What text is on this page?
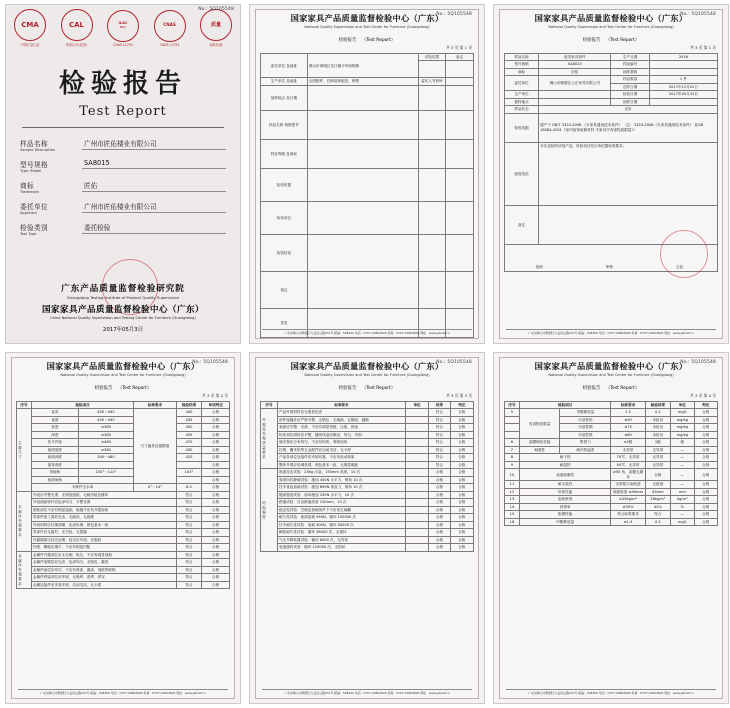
No.: 5Q105548
CMA
中国计量认证
CAL
审查认可(验收)
ILAC
MRA
CNAS L1793
CNAS
CNAS L1793
质量
检验检测
检验报告
Test Report
样品名称
Sample Description
广州市匠佑楼业有限公司
型号规格
Type /Model
SA8015
商标
Trademark
匠佑
委托单位
Applicant
广州市匠佑楼业有限公司
检验类别
Test Type
委托检验
广东产品质量监督检验研究院
Guangdong Testing Institute of Product Quality Supervision
国家家具产品质量监督检验中心（广东）
China National Quality Supervision and Testing Center for Furniture (Guangdong)
2017年05月3日
No.: 5Q105548
国家家具产品质量监督检验中心（广东）
National Quality Supervision and Test Center for Furniture (Guangdong)
检验报告 （Test Report）
共 3 页 第 1 页
委托单位 及地址	佛山市禅城区龙江镇丰华西街路	试验结果	备注

生产单位 及地址	全国配件、任职装和配送、销售	委托人写秒钟	
抽样地点 及日期			
样品名称 规格型号			
样品等级 及商标			
检验依据			
检验项目			
检验结论			
备注			
签发			
广东省佛山市顺德区大良凤山路231号 邮编：528300 电话：0757-22802600 传真：0757-22803600 网址：www.gdnisf.cn
No.: 5Q105548
国家家具产品质量监督检验中心（广东）
National Quality Supervision and Test Center for Furniture (Guangdong)
检验报告 （Test Report）
共 3 页 第 1 页
样品名称	座类家具部件	生产日期	2016
型号规格	SA8015	样品编号	
商标	匠佑	抽样基数	
委托单位	佛山市顺德区公正家具有限公司	样品数量	1 件
		送样日期	2017年12月01日
生产单位		检验日期	2017年05月31日
抽样地点		抽样日期	
样品状态	完好		
检验依据	德产于 GB/T 3324-2008 《木家具通用技术条件》 （注：3324-2008《木家具通用技术条件》 及GB 18584-2001《室内装饰装修材料 木家具中有害物质限量》）		
检验结论	本次送检的该批产品，所检项目符合所依据标准要求。		
备注			

批准： 审核： 主检：			
广东省佛山市顺德区大良凤山路231号 邮编：528300 电话：0757-22802600 传真：0757-22803600 网址：www.gdnisf.cn
No.: 5Q105548
国家家具产品质量监督检验中心（广东）
National Quality Supervision and Test Center for Furniture (Guangdong)
检验报告 （Test Report）
共 3 页 第 2 页
序号	检验项目		标准要求	检验结果	单项判定

主要尺寸	桌高	400～440	尺寸偏差及极限值	440	合格
	桌面	400～440		435	合格
	宽度	≥380		450	合格
	深度	≥380		455	合格
	扶手内宽	≥460		470	合格
	座面宽度	≥380		430	合格
	座面深度	340～480		420	合格
	靠背高度				合格
	背倾角	100°～110°		105°	合格
	座面倾角				合格
	木制件含水率		4°～14°	8.2	合格

木制件外观要求	外表应平整光滑，无明显刨痕、毛刺沟痕及锤印			符合	合格
	外表面涂饰件应色泽均匀、平整光滑			符合	合格
	胶粘部位不应有明显溢胶，胶缝不应有开裂现象			符合	合格
	零部件加工面应光洁、无崩茬、无戗槎			符合	合格
	外表用料应纹理清晰、色泽协调、颜色基本一致			符合	合格
	零部件应无腐朽、无虫蛀、无裂缝			符合	合格
	外露端面应封边处理，封边应牢固、无脱胶			符合	合格
	钉眼、榫眼应填平，不应有明显凹陷			符合	合格

金属件外观要求	金属件外露部位应无毛刺、锐边，不应有明显划痕			符合	合格
	金属件电镀层应光亮、色泽均匀，无脱皮、露底			符合	合格
	金属件涂层应均匀，不应有堆漆、漏漆、划痕等缺陷			符合	合格
	金属件焊接部位应牢固，无脱焊、虚焊、焊穿			符合	合格
	金属连接件应安装牢固，启闭灵活、无卡滞			符合	合格
广东省佛山市顺德区大良凤山路231号 邮编：528300 电话：0757-22802600 传真：0757-22803600 网址：www.gdnisf.cn
No.: 5Q105548
国家家具产品质量监督检验中心（广东）
National Quality Supervision and Test Center for Furniture (Guangdong)
检验报告 （Test Report）
共 3 页 第 3 页
序号	标准要求	单位	结果	判定

外观及外观质量要求	产品外观材料应无明显色差		符合	合格
	部件接缝处应严密平整、无错位、无翘曲、无脱胶、缝隙		符合	合格
	表面应平整、光滑，不应有明显划痕、压痕、鼓泡		符合	合格
	软体部位面料应平整，缝纫线迹应顺直、均匀、牢固		符合	合格
	填充物应分布均匀，不应有结块、堆积现象		符合	合格
	拉链、魔术贴等五金配件应启闭灵活、无卡滞		符合	合格
	产品各部位连接件应牢固可靠，不应有松动现象		符合	合格
	整体外观应协调美观，颜色基本一致、无明显瑕疵		符合	合格

结构强度	座面冲击试验：25kg 沙袋，150mm 高度，10 次		合格	合格
	靠背向后静载试验：施加 450N 水平力，保持 10 次		合格	合格
	扶手垂直加载试验：施加 890N 垂直力，保持 10 次		合格	合格
	腿部强度试验：前向施加 330N 水平力，10 次		合格	合格
	跌落试验：自由跌落高度 150mm，10 次		合格	合格
	稳定性试验：空载及加载条件下不应发生倾翻		合格	合格
	耐久性试验：座面加载 950N，循环 100000 次		合格	合格
	扶手耐久性试验：加载 400N，循环 50000 次		合格	合格
	脚轮耐久性试验：循环 36000 次，无损坏		合格	合格
	气压升降装置试验：循环 6000 次，无异常		合格	合格
	底盘旋转试验：循环 120000 次，无损坏		合格	合格
广东省佛山市顺德区大良凤山路231号 邮编：528300 电话：0757-22802600 传真：0757-22803600 网址：www.gdnisf.cn
No.: 5Q105548
国家家具产品质量监督检验中心（广东）
National Quality Supervision and Test Center for Furniture (Guangdong)
检验报告 （Test Report）
共 3 页 第 4 页
序号	检验项目		标准要求	检验结果	单位	判定
5	有害物质限量	甲醛释放量	1.5	0.2	mg/L	合格
		可溶性铅	≤90	未检出	mg/kg	合格
		可溶性镉	≤75	未检出	mg/kg	合格
		可溶性铬	≤60	未检出	mg/kg	合格
6	漆膜理化性能	附着力	≤2级	1级	级	合格
7	耐液性	耐冷热温差	无异常	无异常	—	合格
8	耐干热		70℃，无异常	无异常	—	合格
9	耐湿热		40℃，无异常	无异常	—	合格
10	表面耐磨性		≥50 转，漆膜无磨穿	合格	—	合格
11	耐污染性		无明显污染痕迹	无痕迹	—	合格
12	软体性能		座面厚度 ≥40mm	45mm	mm	合格
13	泡沫密度		≥25kg/m³	28kg/m³	kg/m³	合格
14	回弹率		≥35%	42%	%	合格
15	阻燃性能		符合标准要求	符合	—	合格
16	甲醛释放量		≤1.5	0.2	mg/L	合格
广东省佛山市顺德区大良凤山路231号 邮编：528300 电话：0757-22802600 传真：0757-22803600 网址：www.gdnisf.cn
